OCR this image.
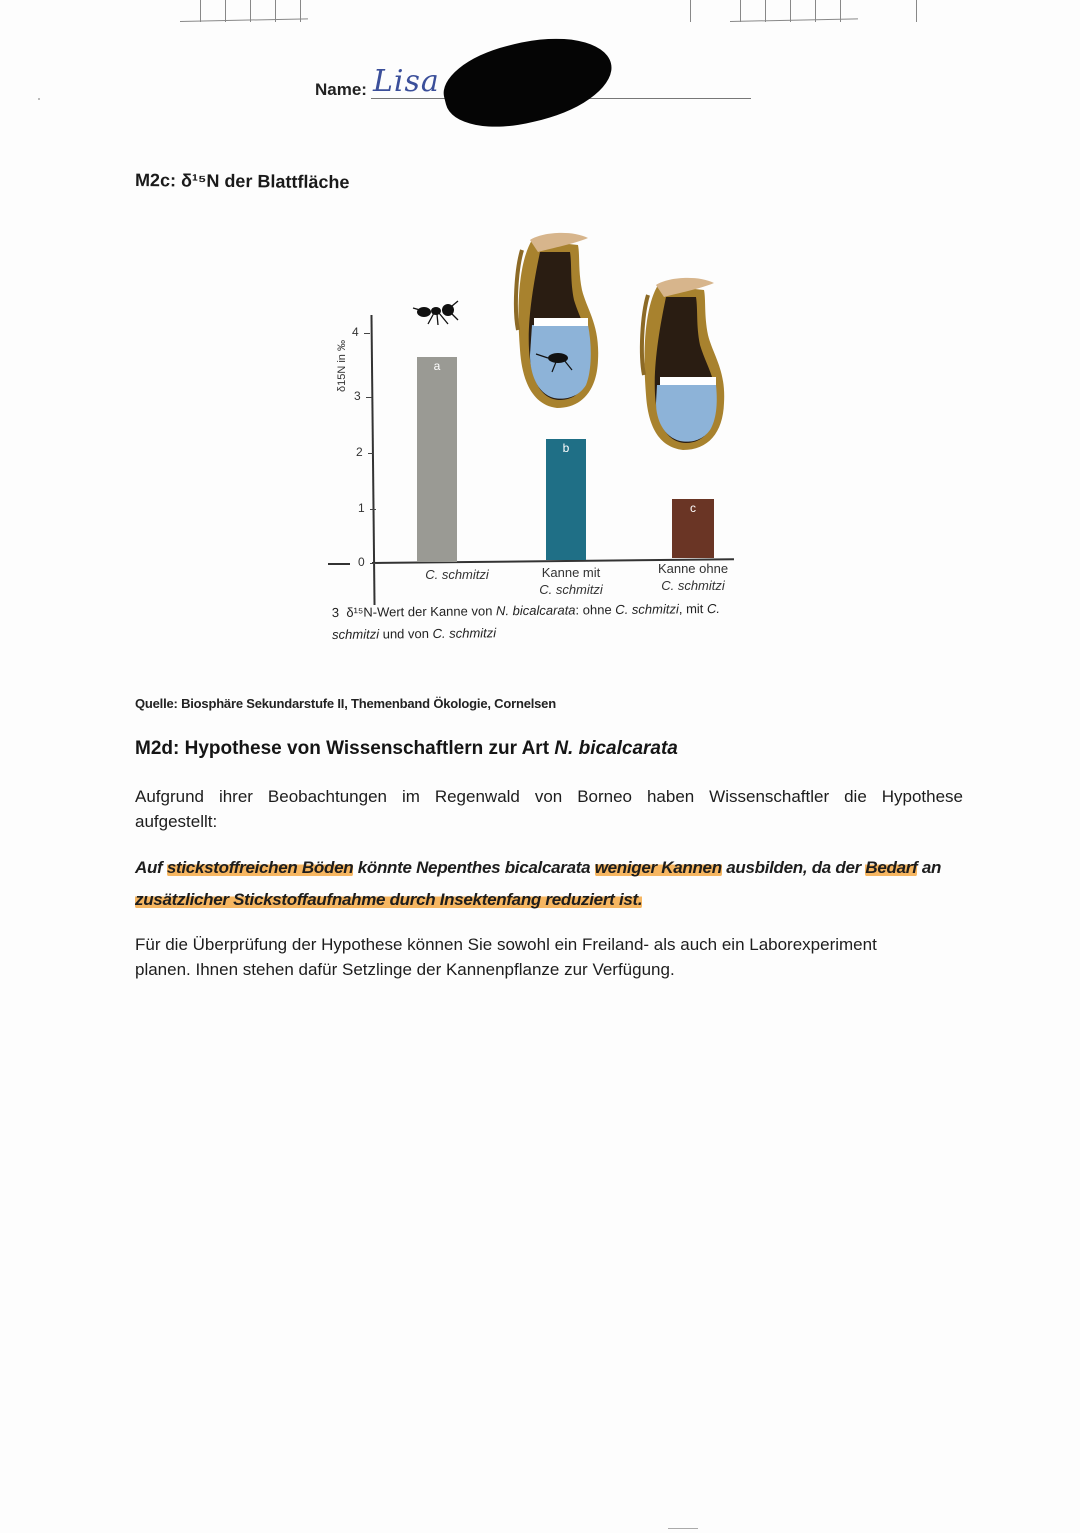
Name: Lisa
M2c: δ¹⁵N der Blattfläche
δ15N in ‰
0
1
2
3
4
a
b
c
C. schmitzi	Kanne mit
C. schmitzi
Kanne ohne
C. schmitzi
3 δ¹⁵N-Wert der Kanne von N. bicalcarata: ohne C. schmitzi, mit C. schmitzi und von C. schmitzi
Quelle: Biosphäre Sekundarstufe II, Themenband Ökologie, Cornelsen
M2d: Hypothese von Wissenschaftlern zur Art N. bicalcarata
Aufgrund ihrer Beobachtungen im Regenwald von Borneo haben Wissenschaftler die Hypothese aufgestellt:
Auf stickstoffreichen Böden könnte Nepenthes bicalcarata weniger Kannen ausbilden, da der Bedarf an zusätzlicher Stickstoffaufnahme durch Insektenfang reduziert ist.
Für die Überprüfung der Hypothese können Sie sowohl ein Freiland- als auch ein Laborexperiment planen. Ihnen stehen dafür Setzlinge der Kannenpflanze zur Verfügung.
